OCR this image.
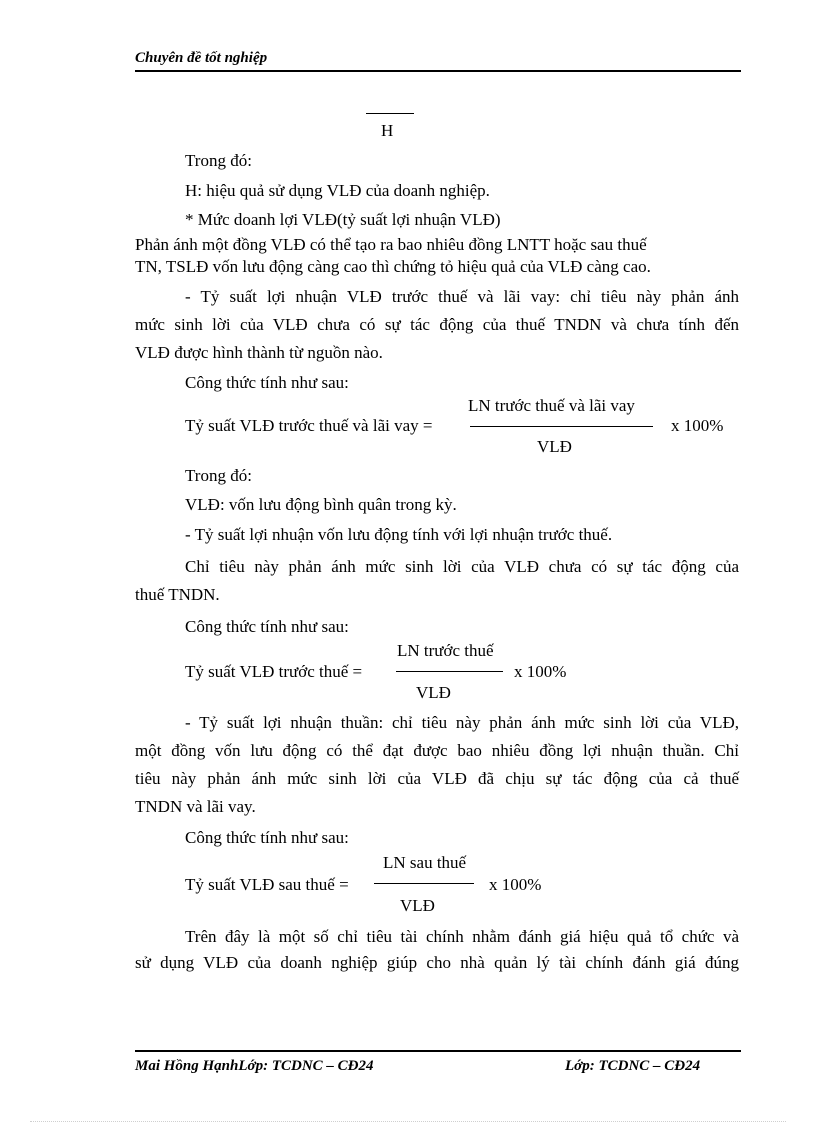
Chuyên đề tốt nghiệp
H
Trong đó:
H: hiệu quả sử dụng VLĐ của doanh nghiệp.
* Mức doanh lợi VLĐ(tỷ suất lợi nhuận VLĐ)
Phản ánh một đồng VLĐ có thể tạo ra bao nhiêu đồng LNTT hoặc sau thuế
TN, TSLĐ vốn lưu động càng cao thì chứng tỏ hiệu quả của VLĐ càng cao.
- Tỷ suất lợi nhuận VLĐ trước thuế và lãi vay: chỉ tiêu này phản ánh
mức sinh lời của VLĐ chưa có sự tác động của thuế TNDN và chưa tính đến
VLĐ được hình thành từ nguồn nào.
Công thức tính như sau:
LN trước thuế và lãi vay
Tỷ suất VLĐ trước thuế và lãi vay =	x 100%
VLĐ
Trong đó:
VLĐ: vốn lưu động bình quân trong kỳ.
- Tỷ suất lợi nhuận vốn lưu động tính với lợi nhuận trước thuế.
Chỉ tiêu này phản ánh mức sinh lời của VLĐ chưa có sự tác động của
thuế TNDN.
Công thức tính như sau:
LN trước thuế
Tỷ suất VLĐ trước thuế =	x 100%
VLĐ
- Tỷ suất lợi nhuận thuần: chỉ tiêu này phản ánh mức sinh lời của VLĐ,
một đồng vốn lưu động có thể đạt được bao nhiêu đồng lợi nhuận thuần. Chỉ
tiêu này phản ánh mức sinh lời của VLĐ đã chịu sự tác động của cả thuế
TNDN và lãi vay.
Công thức tính như sau:
LN sau thuế
Tỷ suất VLĐ sau thuế =	x 100%
VLĐ
Trên đây là một số chỉ tiêu tài chính nhằm đánh giá hiệu quả tổ chức và
sử dụng VLĐ của doanh nghiệp giúp cho nhà quản lý tài chính đánh giá đúng
Mai Hồng HạnhLớp: TCDNC – CĐ24	Lớp: TCDNC – CĐ24
